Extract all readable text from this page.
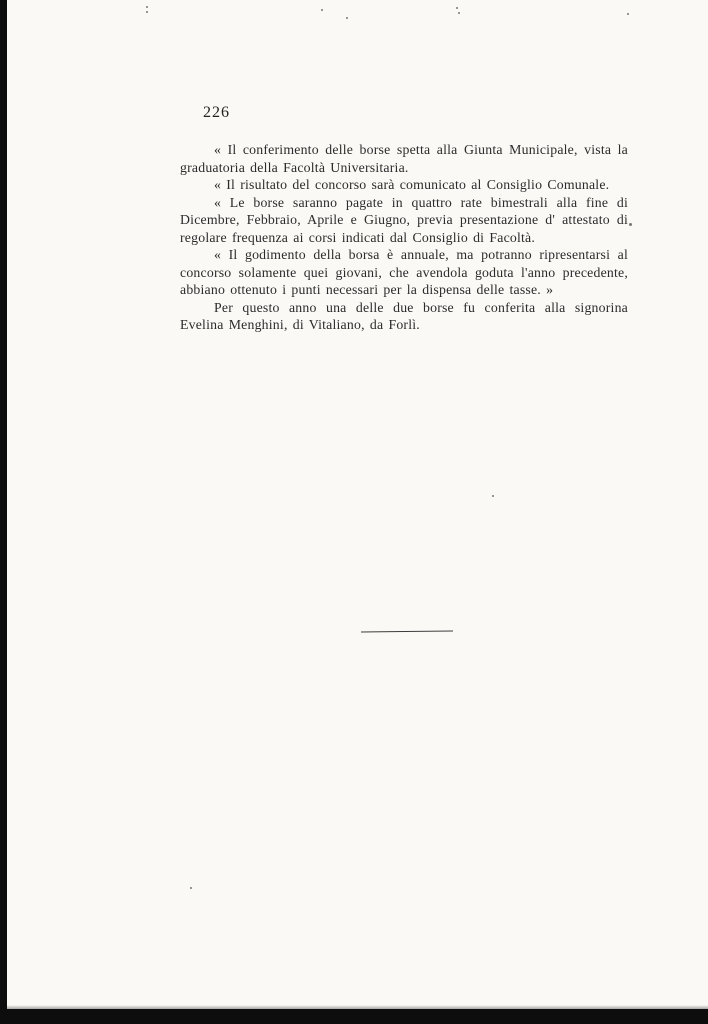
226

« Il conferimento delle borse spetta alla Giunta Municipale, vista la graduatoria della Facoltà Universitaria.

« Il risultato del concorso sarà comunicato al Consiglio Comunale.

« Le borse saranno pagate in quattro rate bimestrali alla fine di Dicembre, Febbraio, Aprile e Giugno, previa presentazione d' attestato di regolare frequenza ai corsi indicati dal Consiglio di Facoltà.

« Il godimento della borsa è annuale, ma potranno ripresentarsi al concorso solamente quei giovani, che avendola goduta l'anno precedente, abbiano ottenuto i punti necessari per la dispensa delle tasse. »

Per questo anno una delle due borse fu conferita alla signorina Evelina Menghini, di Vitaliano, da Forlì.
